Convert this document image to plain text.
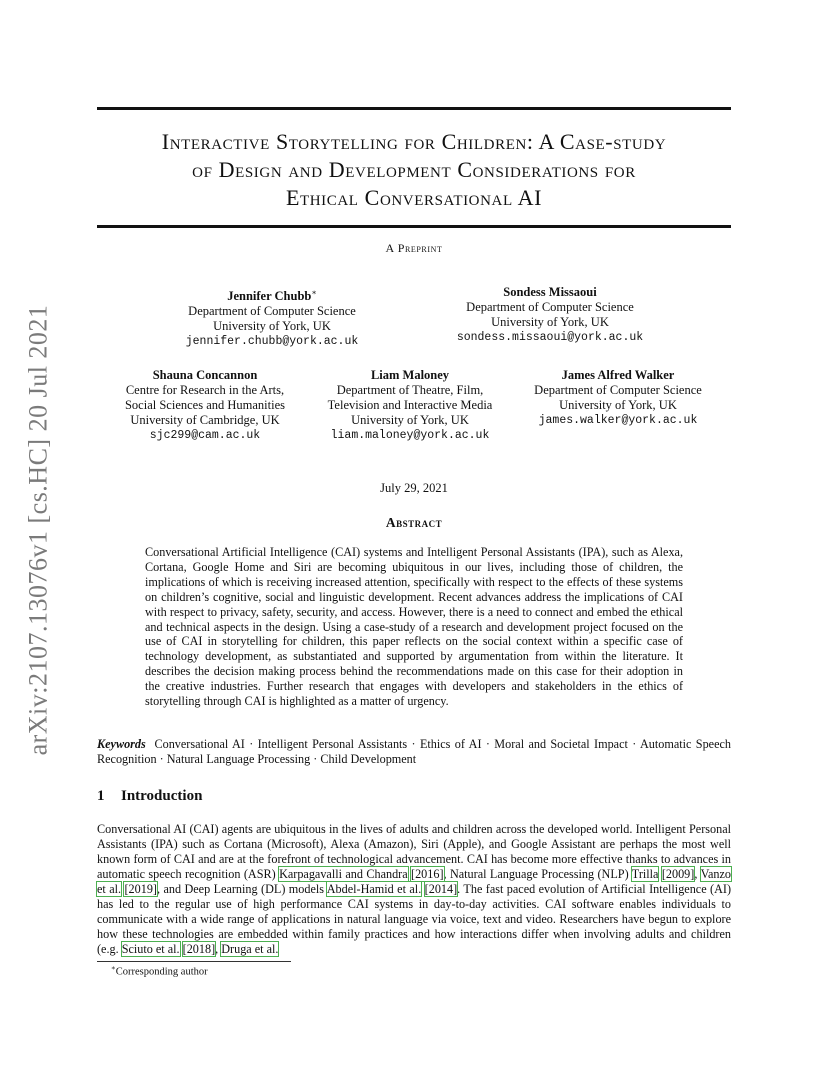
arXiv:2107.13076v1 [cs.HC] 20 Jul 2021
Interactive Storytelling for Children: A Case-study
of Design and Development Considerations for
Ethical Conversational AI
A Preprint
Jennifer Chubb∗
Department of Computer Science
University of York, UK
jennifer.chubb@york.ac.uk
Sondess Missaoui
Department of Computer Science
University of York, UK
sondess.missaoui@york.ac.uk
Shauna Concannon
Centre for Research in the Arts,
Social Sciences and Humanities
University of Cambridge, UK
sjc299@cam.ac.uk
Liam Maloney
Department of Theatre, Film,
Television and Interactive Media
University of York, UK
liam.maloney@york.ac.uk
James Alfred Walker
Department of Computer Science
University of York, UK
james.walker@york.ac.uk
July 29, 2021
Abstract
Conversational Artificial Intelligence (CAI) systems and Intelligent Personal Assistants (IPA), such as Alexa, Cortana, Google Home and Siri are becoming ubiquitous in our lives, including those of children, the implications of which is receiving increased attention, specifically with respect to the effects of these systems on children’s cognitive, social and linguistic development. Recent advances address the implications of CAI with respect to privacy, safety, security, and access. However, there is a need to connect and embed the ethical and technical aspects in the design. Using a case-study of a research and development project focused on the use of CAI in storytelling for children, this paper reflects on the social context within a specific case of technology development, as substantiated and supported by argumentation from within the literature. It describes the decision making process behind the recommendations made on this case for their adoption in the creative industries. Further research that engages with developers and stakeholders in the ethics of storytelling through CAI is highlighted as a matter of urgency.
Keywords Conversational AI · Intelligent Personal Assistants · Ethics of AI · Moral and Societal Impact · Automatic Speech Recognition · Natural Language Processing · Child Development
1 Introduction
Conversational AI (CAI) agents are ubiquitous in the lives of adults and children across the developed world. Intelligent Personal Assistants (IPA) such as Cortana (Microsoft), Alexa (Amazon), Siri (Apple), and Google Assistant are perhaps the most well known form of CAI and are at the forefront of technological advancement. CAI has become more effective thanks to advances in automatic speech recognition (ASR) Karpagavalli and Chandra [2016], Natural Language Processing (NLP) Trilla [2009], Vanzo et al. [2019], and Deep Learning (DL) models Abdel-Hamid et al. [2014]. The fast paced evolution of Artificial Intelligence (AI) has led to the regular use of high performance CAI systems in day-to-day activities. CAI software enables individuals to communicate with a wide range of applications in natural language via voice, text and video. Researchers have begun to explore how these technologies are embedded within family practices and how interactions differ when involving adults and children (e.g. Sciuto et al. [2018], Druga et al.
∗Corresponding author
